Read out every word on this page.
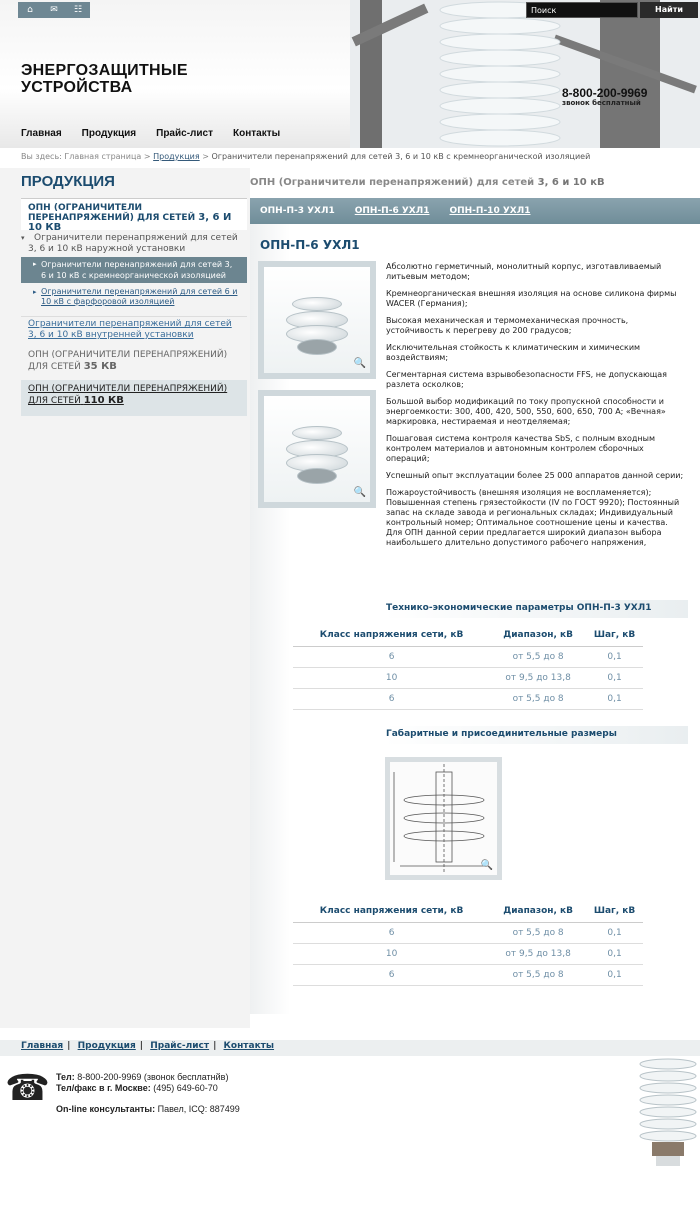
⌂	✉	☷
Поиск	Найти
ЭНЕРГОЗАЩИТНЫЕ
УСТРОЙСТВА	8-800-200-9969
звонок бесплатный
Главная Продукция Прайс-лист Контакты
Вы здесь: Главная страница > Продукция > Ограничители перенапряжений для сетей 3, 6 и 10 кВ с кремнеорганической изоляцией
ПРОДУКЦИЯ	ОПН (Ограничители перенапряжений) для сетей 3, 6 и 10 кВ
ОПН (ОГРАНИЧИТЕЛИ ПЕРЕНАПРЯЖЕНИЙ) ДЛЯ СЕТЕЙ 3, 6 И 10 КВ
▾ Ограничители перенапряжений для сетей 3, 6 и 10 кВ наружной установки
▸ Ограничители перенапряжений для сетей 3, 6 и 10 кВ с кремнеорганической изоляцией
▸ Ограничители перенапряжений для сетей 6 и 10 кВ с фарфоровой изоляцией
Ограничители перенапряжений для сетей 3, 6 и 10 кВ внутренней установки
ОПН (ОГРАНИЧИТЕЛИ ПЕРЕНАПРЯЖЕНИЙ) ДЛЯ СЕТЕЙ 35 КВ
ОПН (ОГРАНИЧИТЕЛИ ПЕРЕНАПРЯЖЕНИЙ) ДЛЯ СЕТЕЙ 110 КВ
ОПН-П-3 УХЛ1 ОПН-П-6 УХЛ1 ОПН-П-10 УХЛ1
ОПН-П-6 УХЛ1
🔍
🔍

Абсолютно герметичный, монолитный корпус, изготавливаемый литьевым методом;

Кремнеорганическая внешняя изоляция на основе силикона фирмы WACER (Германия);

Высокая механическая и термомеханическая прочность, устойчивость к перегреву до 200 градусов;

Исключительная стойкость к климатическим и химическим воздействиям;

Сегментарная система взрывобезопасности FFS, не допускающая разлета осколков;

Большой выбор модификаций по току пропускной способности и энергоемкости: 300, 400, 420, 500, 550, 600, 650, 700 А; «Вечная» маркировка, нестираемая и неотделяемая;

Пошаговая система контроля качества SbS, с полным входным контролем материалов и автономным контролем сборочных операций;

Успешный опыт эксплуатации более 25 000 аппаратов данной серии;

Пожароустойчивость (внешняя изоляция не воспламеняется); Повышенная степень грязестойкости (IV по ГОСТ 9920); Постоянный запас на складе завода и региональных складах; Индивидуальный контрольный номер; Оптимальное соотношение цены и качества. Для ОПН данной серии предлагается широкий диапазон выбора наибольшего длительно допустимого рабочего напряжения,

Технико-экономические параметры ОПН-П-3 УХЛ1
Класс напряжения сети, кВ	Диапазон, кВ	Шаг, кВ
6	от 5,5 до 8	0,1
10	от 9,5 до 13,8	0,1
6	от 5,5 до 8	0,1
Габаритные и присоединительные размеры
🔍
Класс напряжения сети, кВ	Диапазон, кВ	Шаг, кВ
6	от 5,5 до 8	0,1
10	от 9,5 до 13,8	0,1
6	от 5,5 до 8	0,1
Главная | Продукция | Прайс-лист | Контакты
☎ Тел: 8-800-200-9969 (звонок бесплатнйв)
Тел/факс в г. Москве: (495) 649-60-70
On-line консультанты: Павел, ICQ: 887499
